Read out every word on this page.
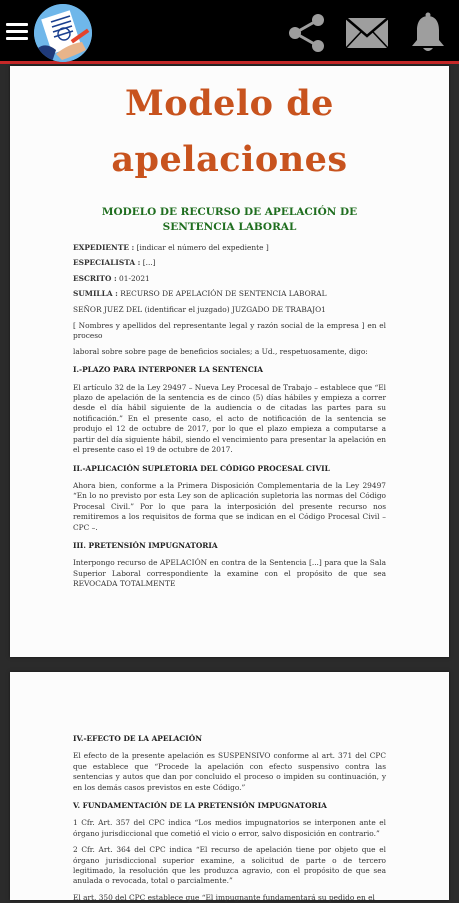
Modelo de
apelaciones
MODELO DE RECURSO DE APELACIÓN DE SENTENCIA LABORAL

EXPEDIENTE : [indicar el número del expediente ]

ESPECIALISTA : [...]

ESCRITO : 01-2021

SUMILLA : RECURSO DE APELACIÓN DE SENTENCIA LABORAL

SEÑOR JUEZ DEL (identificar el juzgado) JUZGADO DE TRABAJO1

[ Nombres y apellidos del representante legal y razón social de la empresa ] en el proceso

laboral sobre sobre page de beneficios sociales; a Ud., respetuosamente, digo:

I.-PLAZO PARA INTERPONER LA SENTENCIA

El artículo 32 de la Ley 29497 – Nueva Ley Procesal de Trabajo – establece que “El plazo de apelación de la sentencia es de cinco (5) días hábiles y empieza a correr desde el día hábil siguiente de la audiencia o de citadas las partes para su notificación.” En el presente caso, el acto de notificación de la sentencia se produjo el 12 de octubre de 2017, por lo que el plazo empieza a computarse a partir del día siguiente hábil, siendo el vencimiento para presentar la apelación en el presente caso el 19 de octubre de 2017.

II.-APLICACIÓN SUPLETORIA DEL CÓDIGO PROCESAL CIVIL

Ahora bien, conforme a la Primera Disposición Complementaria de la Ley 29497 “En lo no previsto por esta Ley son de aplicación supletoria las normas del Código Procesal Civil.” Por lo que para la interposición del presente recurso nos remitiremos a los requisitos de forma que se indican en el Código Procesal Civil – CPC –.

III. PRETENSIÓN IMPUGNATORIA

Interpongo recurso de APELACIÓN en contra de la Sentencia [...] para que la Sala Superior Laboral correspondiente la examine con el propósito de que sea REVOCADA TOTALMENTE

IV.-EFECTO DE LA APELACIÓN

El efecto de la presente apelación es SUSPENSIVO conforme al art. 371 del CPC que establece que “Procede la apelación con efecto suspensivo contra las sentencias y autos que dan por concluido el proceso o impiden su continuación, y en los demás casos previstos en este Código.”

V. FUNDAMENTACIÓN DE LA PRETENSIÓN IMPUGNATORIA

1 Cfr. Art. 357 del CPC indica “Los medios impugnatorios se interponen ante el órgano jurisdiccional que cometió el vicio o error, salvo disposición en contrario.”

2 Cfr. Art. 364 del CPC indica “El recurso de apelación tiene por objeto que el órgano jurisdiccional superior examine, a solicitud de parte o de tercero legitimado, la resolución que les produzca agravio, con el propósito de que sea anulada o revocada, total o parcialmente.”

El art. 350 del CPC establece que “El impugnante fundamentará su pedido en el
